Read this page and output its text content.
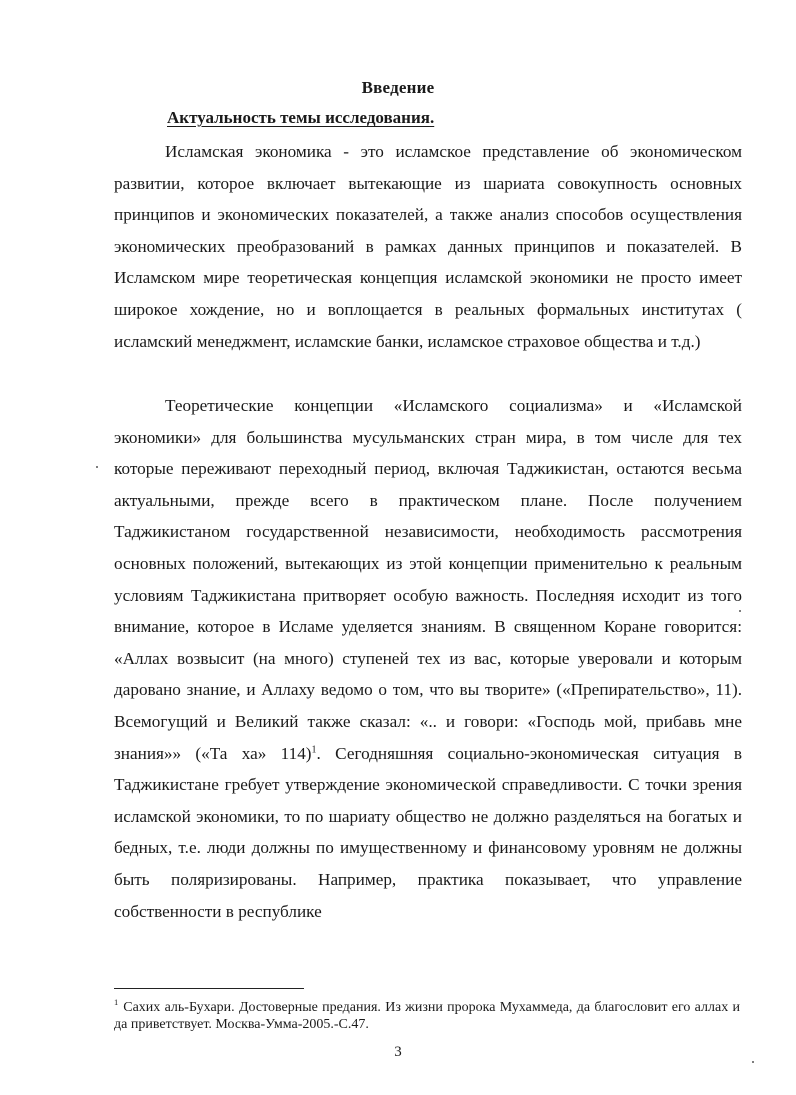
Введение
Актуальность темы исследования.

Исламская экономика - это исламское представление об экономическом развитии, которое включает вытекающие из шариата совокупность основных принципов и экономических показателей, а также анализ способов осуществления экономических преобразований в рамках данных принципов и показателей. В Исламском мире теоретическая концепция исламской экономики не просто имеет широкое хождение, но и воплощается в реальных формальных институтах ( исламский менеджмент, исламские банки, исламское страховое общества и т.д.)

Теоретические концепции «Исламского социализма» и «Исламской экономики» для большинства мусульманских стран мира, в том числе для тех которые переживают переходный период, включая Таджикистан, остаются весьма актуальными, прежде всего в практическом плане. После получением Таджикистаном государственной независимости, необходимость рассмотрения основных положений, вытекающих из этой концепции применительно к реальным условиям Таджикистана притворяет особую важность. Последняя исходит из того внимание, которое в Исламе уделяется знаниям. В священном Коране говорится: «Аллах возвысит (на много) ступеней тех из вас, которые уверовали и которым даровано знание, и Аллаху ведомо о том, что вы творите» («Препирательство», 11). Всемогущий и Великий также сказал: «.. и говори: «Господь мой, прибавь мне знания»» («Та ха» 114)$^1$. Сегодняшняя социально-экономическая ситуация в Таджикистане гребует утверждение экономической справедливости. С точки зрения исламской экономики, то по шариату общество не должно разделяться на богатых и бедных, т.е. люди должны по имущественному и финансовому уровням не должны быть поляризированы. Например, практика показывает, что управление собственности в республике

$^1$ Сахих аль-Бухари. Достоверные предания. Из жизни пророка Мухаммеда, да благословит его аллах и да приветствует. Москва-Умма-2005.-С.47.
3
